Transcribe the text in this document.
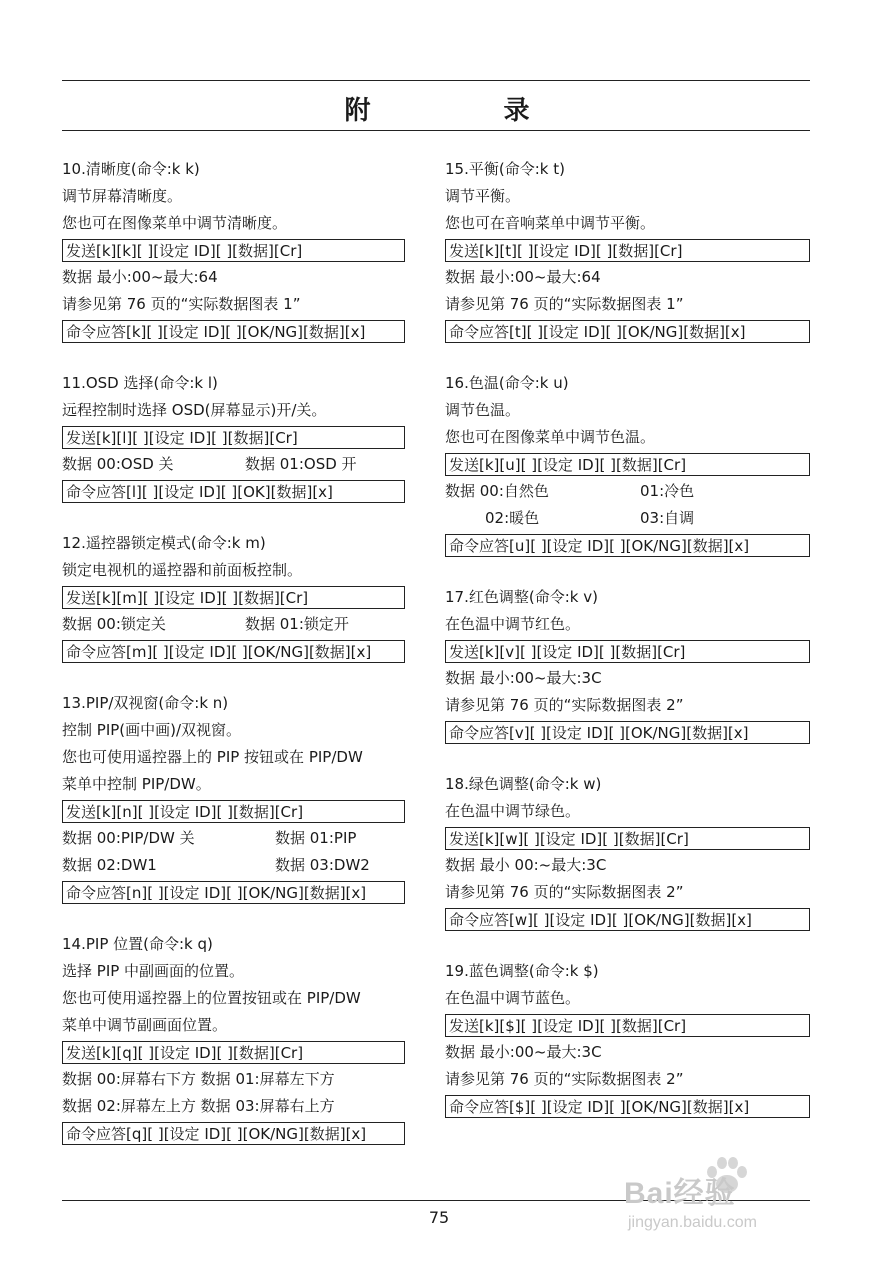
附 录
10.清晰度(命令:k k)
调节屏幕清晰度。
您也可在图像菜单中调节清晰度。
发送[k][k][ ][设定 ID][ ][数据][Cr]
数据 最小:00~最大:64
请参见第 76 页的“实际数据图表 1”
命令应答[k][ ][设定 ID][ ][OK/NG][数据][x]
11.OSD 选择(命令:k l)
远程控制时选择 OSD(屏幕显示)开/关。
发送[k][l][ ][设定 ID][ ][数据][Cr]
数据 00:OSD 关	数据 01:OSD 开
命令应答[l][ ][设定 ID][ ][OK][数据][x]
12.遥控器锁定模式(命令:k m)
锁定电视机的遥控器和前面板控制。
发送[k][m][ ][设定 ID][ ][数据][Cr]
数据 00:锁定关	数据 01:锁定开
命令应答[m][ ][设定 ID][ ][OK/NG][数据][x]
13.PIP/双视窗(命令:k n)
控制 PIP(画中画)/双视窗。
您也可使用遥控器上的 PIP 按钮或在 PIP/DW
菜单中控制 PIP/DW。
发送[k][n][ ][设定 ID][ ][数据][Cr]
数据 00:PIP/DW 关	数据 01:PIP
数据 02:DW1	数据 03:DW2
命令应答[n][ ][设定 ID][ ][OK/NG][数据][x]
14.PIP 位置(命令:k q)
选择 PIP 中副画面的位置。
您也可使用遥控器上的位置按钮或在 PIP/DW
菜单中调节副画面位置。
发送[k][q][ ][设定 ID][ ][数据][Cr]
数据 00:屏幕右下方 数据 01:屏幕左下方
数据 02:屏幕左上方 数据 03:屏幕右上方
命令应答[q][ ][设定 ID][ ][OK/NG][数据][x]
15.平衡(命令:k t)
调节平衡。
您也可在音响菜单中调节平衡。
发送[k][t][ ][设定 ID][ ][数据][Cr]
数据 最小:00~最大:64
请参见第 76 页的“实际数据图表 1”
命令应答[t][ ][设定 ID][ ][OK/NG][数据][x]
16.色温(命令:k u)
调节色温。
您也可在图像菜单中调节色温。
发送[k][u][ ][设定 ID][ ][数据][Cr]
数据 00:自然色	01:冷色
02:暖色	03:自调
命令应答[u][ ][设定 ID][ ][OK/NG][数据][x]
17.红色调整(命令:k v)
在色温中调节红色。
发送[k][v][ ][设定 ID][ ][数据][Cr]
数据 最小:00~最大:3C
请参见第 76 页的“实际数据图表 2”
命令应答[v][ ][设定 ID][ ][OK/NG][数据][x]
18.绿色调整(命令:k w)
在色温中调节绿色。
发送[k][w][ ][设定 ID][ ][数据][Cr]
数据 最小 00:~最大:3C
请参见第 76 页的“实际数据图表 2”
命令应答[w][ ][设定 ID][ ][OK/NG][数据][x]
19.蓝色调整(命令:k $)
在色温中调节蓝色。
发送[k][$][ ][设定 ID][ ][数据][Cr]
数据 最小:00~最大:3C
请参见第 76 页的“实际数据图表 2”
命令应答[$][ ][设定 ID][ ][OK/NG][数据][x]
75
Bai经验
jingyan.baidu.com
